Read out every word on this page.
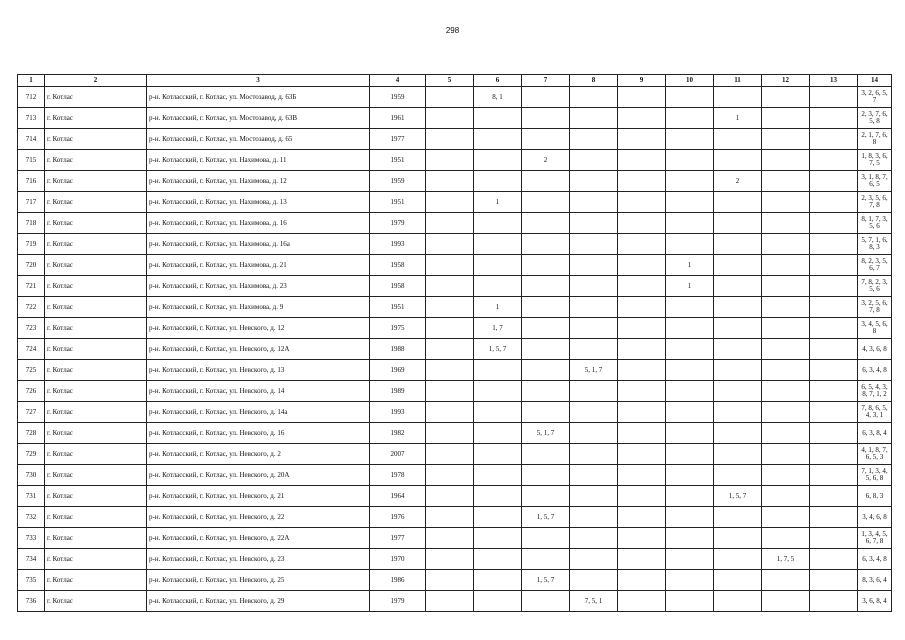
298
1	2	3	4	5	6	7	8	9	10	11	12	13	14
712	г. Котлас	р-н. Котласский, г. Котлас, ул. Мостозавод, д. 63Б	1959		8, 1								3, 2, 6, 5, 7
713	г. Котлас	р-н. Котласский, г. Котлас, ул. Мостозавод, д. 63В	1961							1			2, 3, 7, 6, 5, 8
714	г. Котлас	р-н. Котласский, г. Котлас, ул. Мостозавод, д. 65	1977										2, 1, 7, 6, 8
715	г. Котлас	р-н. Котласский, г. Котлас, ул. Нахимова, д. 11	1951			2							1, 8, 3, 6, 7, 5
716	г. Котлас	р-н. Котласский, г. Котлас, ул. Нахимова, д. 12	1959							2			3, 1, 8, 7, 6, 5
717	г. Котлас	р-н. Котласский, г. Котлас, ул. Нахимова, д. 13	1951		1								2, 3, 5, 6, 7, 8
718	г. Котлас	р-н. Котласский, г. Котлас, ул. Нахимова, д. 16	1979										8, 1, 7, 3, 5, 6
719	г. Котлас	р-н. Котласский, г. Котлас, ул. Нахимова, д. 16а	1993										5, 7, 1, 6, 8, 3
720	г. Котлас	р-н. Котласский, г. Котлас, ул. Нахимова, д. 21	1958						1				8, 2, 3, 5, 6, 7
721	г. Котлас	р-н. Котласский, г. Котлас, ул. Нахимова, д. 23	1958						1				7, 8, 2, 3, 5, 6
722	г. Котлас	р-н. Котласский, г. Котлас, ул. Нахимова, д. 9	1951		1								3, 2, 5, 6, 7, 8
723	г. Котлас	р-н. Котласский, г. Котлас, ул. Невского, д. 12	1975		1, 7								3, 4, 5, 6, 8
724	г. Котлас	р-н. Котласский, г. Котлас, ул. Невского, д. 12А	1988		1, 5, 7								4, 3, 6, 8
725	г. Котлас	р-н. Котласский, г. Котлас, ул. Невского, д. 13	1969				5, 1, 7						6, 3, 4, 8
726	г. Котлас	р-н. Котласский, г. Котлас, ул. Невского, д. 14	1989										6, 5, 4, 3, 8, 7, 1, 2
727	г. Котлас	р-н. Котласский, г. Котлас, ул. Невского, д. 14а	1993										7, 8, 6, 5, 4, 3, 1
728	г. Котлас	р-н. Котласский, г. Котлас, ул. Невского, д. 16	1982			5, 1, 7							6, 3, 8, 4
729	г. Котлас	р-н. Котласский, г. Котлас, ул. Невского, д. 2	2007										4, 1, 8, 7, 6, 5, 3
730	г. Котлас	р-н. Котласский, г. Котлас, ул. Невского, д. 20А	1978										7, 1, 3, 4, 5, 6, 8
731	г. Котлас	р-н. Котласский, г. Котлас, ул. Невского, д. 21	1964							1, 5, 7			6, 8, 3
732	г. Котлас	р-н. Котласский, г. Котлас, ул. Невского, д. 22	1976			1, 5, 7							3, 4, 6, 8
733	г. Котлас	р-н. Котласский, г. Котлас, ул. Невского, д. 22А	1977										1, 3, 4, 5, 6, 7, 8
734	г. Котлас	р-н. Котласский, г. Котлас, ул. Невского, д. 23	1970								1, 7, 5		6, 3, 4, 8
735	г. Котлас	р-н. Котласский, г. Котлас, ул. Невского, д. 25	1986			1, 5, 7							8, 3, 6, 4
736	г. Котлас	р-н. Котласский, г. Котлас, ул. Невского, д. 29	1979				7, 5, 1						3, 6, 8, 4
